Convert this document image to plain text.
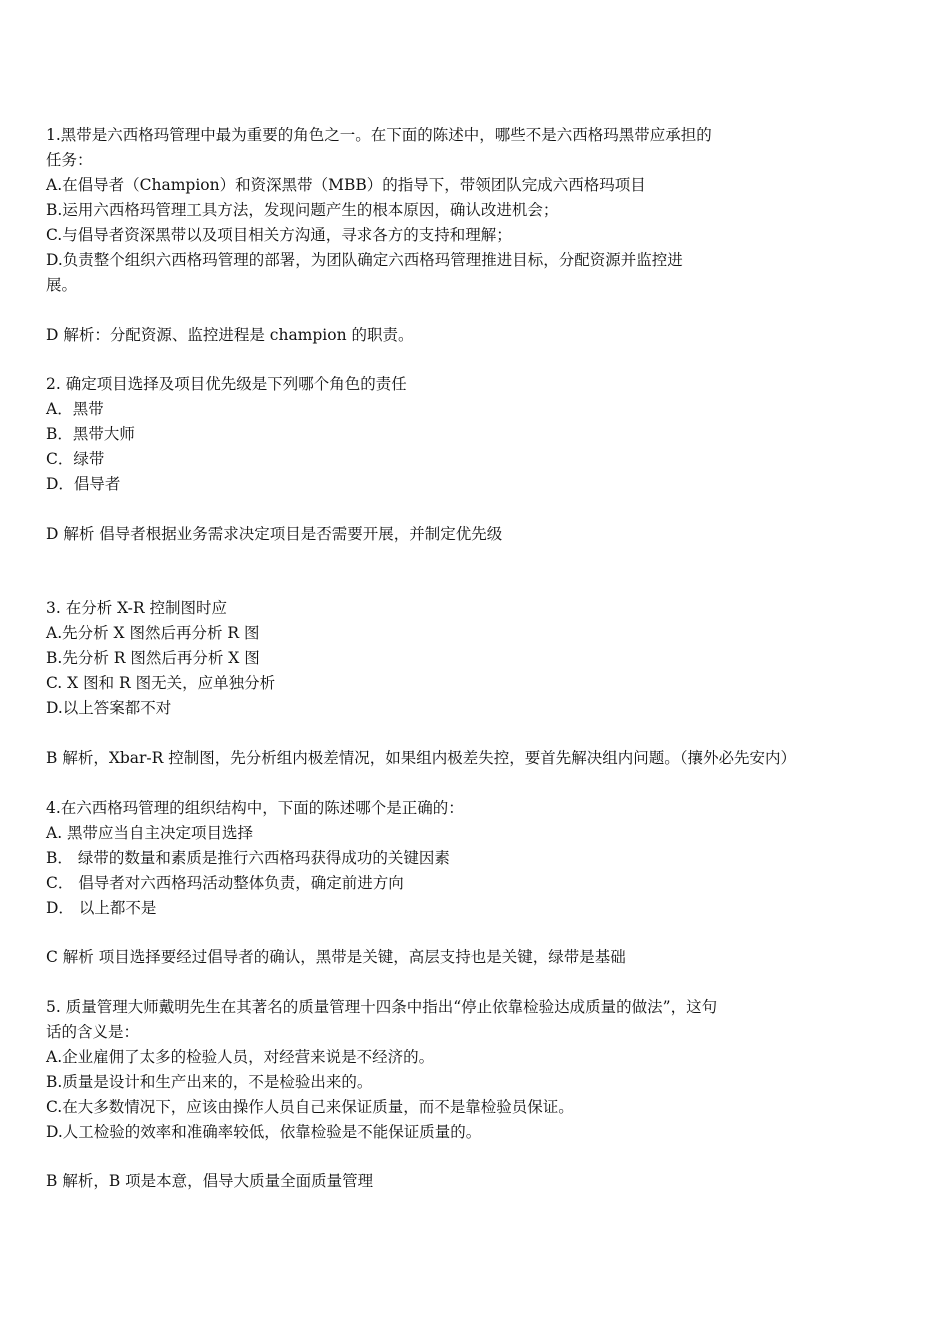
1.黑带是六西格玛管理中最为重要的角色之一。在下面的陈述中，哪些不是六西格玛黑带应承担的
任务：
A.在倡导者（Champion）和资深黑带（MBB）的指导下，带领团队完成六西格玛项目
B.运用六西格玛管理工具方法，发现问题产生的根本原因，确认改进机会；
C.与倡导者资深黑带以及项目相关方沟通，寻求各方的支持和理解；
D.负责整个组织六西格玛管理的部署，为团队确定六西格玛管理推进目标，分配资源并监控进
展。
D 解析：分配资源、监控进程是 champion 的职责。
2. 确定项目选择及项目优先级是下列哪个角色的责任
A．黑带
B．黑带大师
C．绿带
D．倡导者
D 解析 倡导者根据业务需求决定项目是否需要开展，并制定优先级
3. 在分析 X-R 控制图时应
A.先分析 X 图然后再分析 R 图
B.先分析 R 图然后再分析 X 图
C. X 图和 R 图无关，应单独分析
D.以上答案都不对
B 解析，Xbar-R 控制图，先分析组内极差情况，如果组内极差失控，要首先解决组内问题。（攘外必先安内）
4.在六西格玛管理的组织结构中，下面的陈述哪个是正确的：
A. 黑带应当自主决定项目选择
B． 绿带的数量和素质是推行六西格玛获得成功的关键因素
C． 倡导者对六西格玛活动整体负责，确定前进方向
D． 以上都不是
C 解析 项目选择要经过倡导者的确认，黑带是关键，高层支持也是关键，绿带是基础
5. 质量管理大师戴明先生在其著名的质量管理十四条中指出“停止依靠检验达成质量的做法”，这句
话的含义是：
A.企业雇佣了太多的检验人员，对经营来说是不经济的。
B.质量是设计和生产出来的，不是检验出来的。
C.在大多数情况下，应该由操作人员自己来保证质量，而不是靠检验员保证。
D.人工检验的效率和准确率较低，依靠检验是不能保证质量的。
B 解析，B 项是本意，倡导大质量全面质量管理
